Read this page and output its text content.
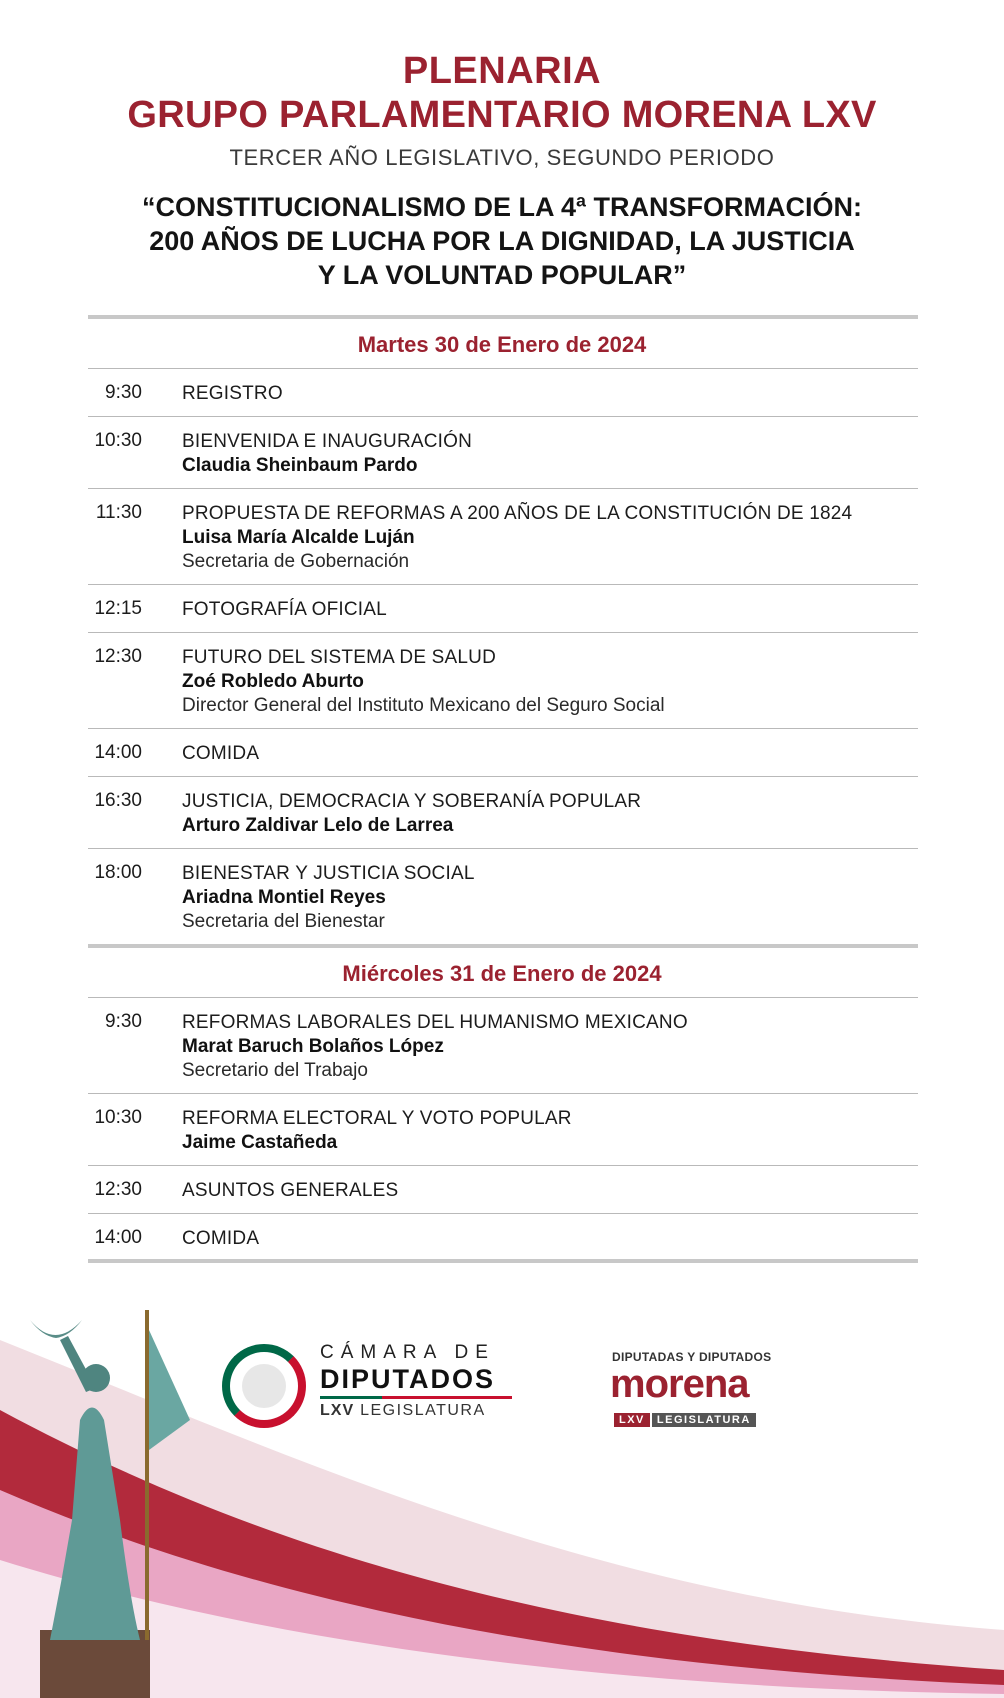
PLENARIA
GRUPO PARLAMENTARIO MORENA LXV
TERCER AÑO LEGISLATIVO, SEGUNDO PERIODO
“CONSTITUCIONALISMO DE LA 4ª TRANSFORMACIÓN:
200 AÑOS DE LUCHA POR LA DIGNIDAD, LA JUSTICIA
Y LA VOLUNTAD POPULAR”
Martes 30 de Enero de 2024
9:30 REGISTRO
10:30 BIENVENIDA E INAUGURACIÓN
Claudia Sheinbaum Pardo
11:30 PROPUESTA DE REFORMAS A 200 AÑOS DE LA CONSTITUCIÓN DE 1824
Luisa María Alcalde Luján
Secretaria de Gobernación
12:15 FOTOGRAFÍA OFICIAL
12:30 FUTURO DEL SISTEMA DE SALUD
Zoé Robledo Aburto
Director General del Instituto Mexicano del Seguro Social
14:00 COMIDA
16:30 JUSTICIA, DEMOCRACIA Y SOBERANÍA POPULAR
Arturo Zaldivar Lelo de Larrea
18:00 BIENESTAR Y JUSTICIA SOCIAL
Ariadna Montiel Reyes
Secretaria del Bienestar
Miércoles 31 de Enero de 2024
9:30 REFORMAS LABORALES DEL HUMANISMO MEXICANO
Marat Baruch Bolaños López
Secretario del Trabajo
10:30 REFORMA ELECTORAL Y VOTO POPULAR
Jaime Castañeda
12:30 ASUNTOS GENERALES
14:00 COMIDA
CÁMARA DE
DIPUTADOS
LXV LEGISLATURA
DIPUTADAS Y DIPUTADOS
morena
LXV LEGISLATURA
